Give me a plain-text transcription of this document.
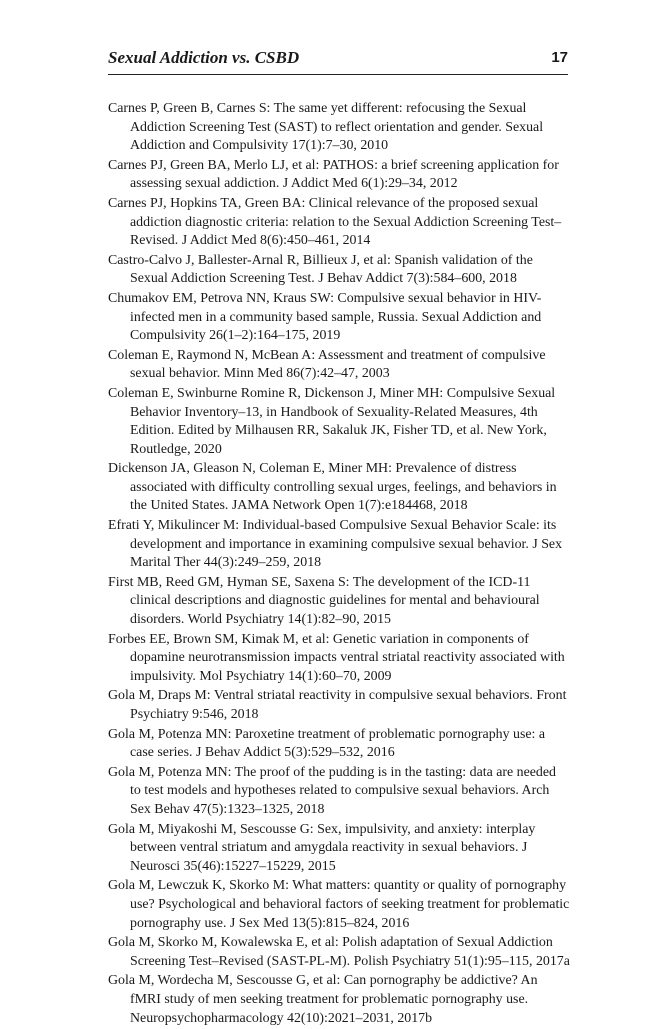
Sexual Addiction vs. CSBD	17
Carnes P, Green B, Carnes S: The same yet different: refocusing the Sexual Addiction Screening Test (SAST) to reflect orientation and gender. Sexual Addiction and Compulsivity 17(1):7–30, 2010
Carnes PJ, Green BA, Merlo LJ, et al: PATHOS: a brief screening application for assessing sexual addiction. J Addict Med 6(1):29–34, 2012
Carnes PJ, Hopkins TA, Green BA: Clinical relevance of the proposed sexual addiction diagnostic criteria: relation to the Sexual Addiction Screening Test–Revised. J Addict Med 8(6):450–461, 2014
Castro-Calvo J, Ballester-Arnal R, Billieux J, et al: Spanish validation of the Sexual Addiction Screening Test. J Behav Addict 7(3):584–600, 2018
Chumakov EM, Petrova NN, Kraus SW: Compulsive sexual behavior in HIV-infected men in a community based sample, Russia. Sexual Addiction and Compulsivity 26(1–2):164–175, 2019
Coleman E, Raymond N, McBean A: Assessment and treatment of compulsive sexual behavior. Minn Med 86(7):42–47, 2003
Coleman E, Swinburne Romine R, Dickenson J, Miner MH: Compulsive Sexual Behavior Inventory–13, in Handbook of Sexuality-Related Measures, 4th Edition. Edited by Milhausen RR, Sakaluk JK, Fisher TD, et al. New York, Routledge, 2020
Dickenson JA, Gleason N, Coleman E, Miner MH: Prevalence of distress associated with difficulty controlling sexual urges, feelings, and behaviors in the United States. JAMA Network Open 1(7):e184468, 2018
Efrati Y, Mikulincer M: Individual-based Compulsive Sexual Behavior Scale: its development and importance in examining compulsive sexual behavior. J Sex Marital Ther 44(3):249–259, 2018
First MB, Reed GM, Hyman SE, Saxena S: The development of the ICD-11 clinical descriptions and diagnostic guidelines for mental and behavioural disorders. World Psychiatry 14(1):82–90, 2015
Forbes EE, Brown SM, Kimak M, et al: Genetic variation in components of dopamine neurotransmission impacts ventral striatal reactivity associated with impulsivity. Mol Psychiatry 14(1):60–70, 2009
Gola M, Draps M: Ventral striatal reactivity in compulsive sexual behaviors. Front Psychiatry 9:546, 2018
Gola M, Potenza MN: Paroxetine treatment of problematic pornography use: a case series. J Behav Addict 5(3):529–532, 2016
Gola M, Potenza MN: The proof of the pudding is in the tasting: data are needed to test models and hypotheses related to compulsive sexual behaviors. Arch Sex Behav 47(5):1323–1325, 2018
Gola M, Miyakoshi M, Sescousse G: Sex, impulsivity, and anxiety: interplay between ventral striatum and amygdala reactivity in sexual behaviors. J Neurosci 35(46):15227–15229, 2015
Gola M, Lewczuk K, Skorko M: What matters: quantity or quality of pornography use? Psychological and behavioral factors of seeking treatment for problematic pornography use. J Sex Med 13(5):815–824, 2016
Gola M, Skorko M, Kowalewska E, et al: Polish adaptation of Sexual Addiction Screening Test–Revised (SAST-PL-M). Polish Psychiatry 51(1):95–115, 2017a
Gola M, Wordecha M, Sescousse G, et al: Can pornography be addictive? An fMRI study of men seeking treatment for problematic pornography use. Neuropsychopharmacology 42(10):2021–2031, 2017b
